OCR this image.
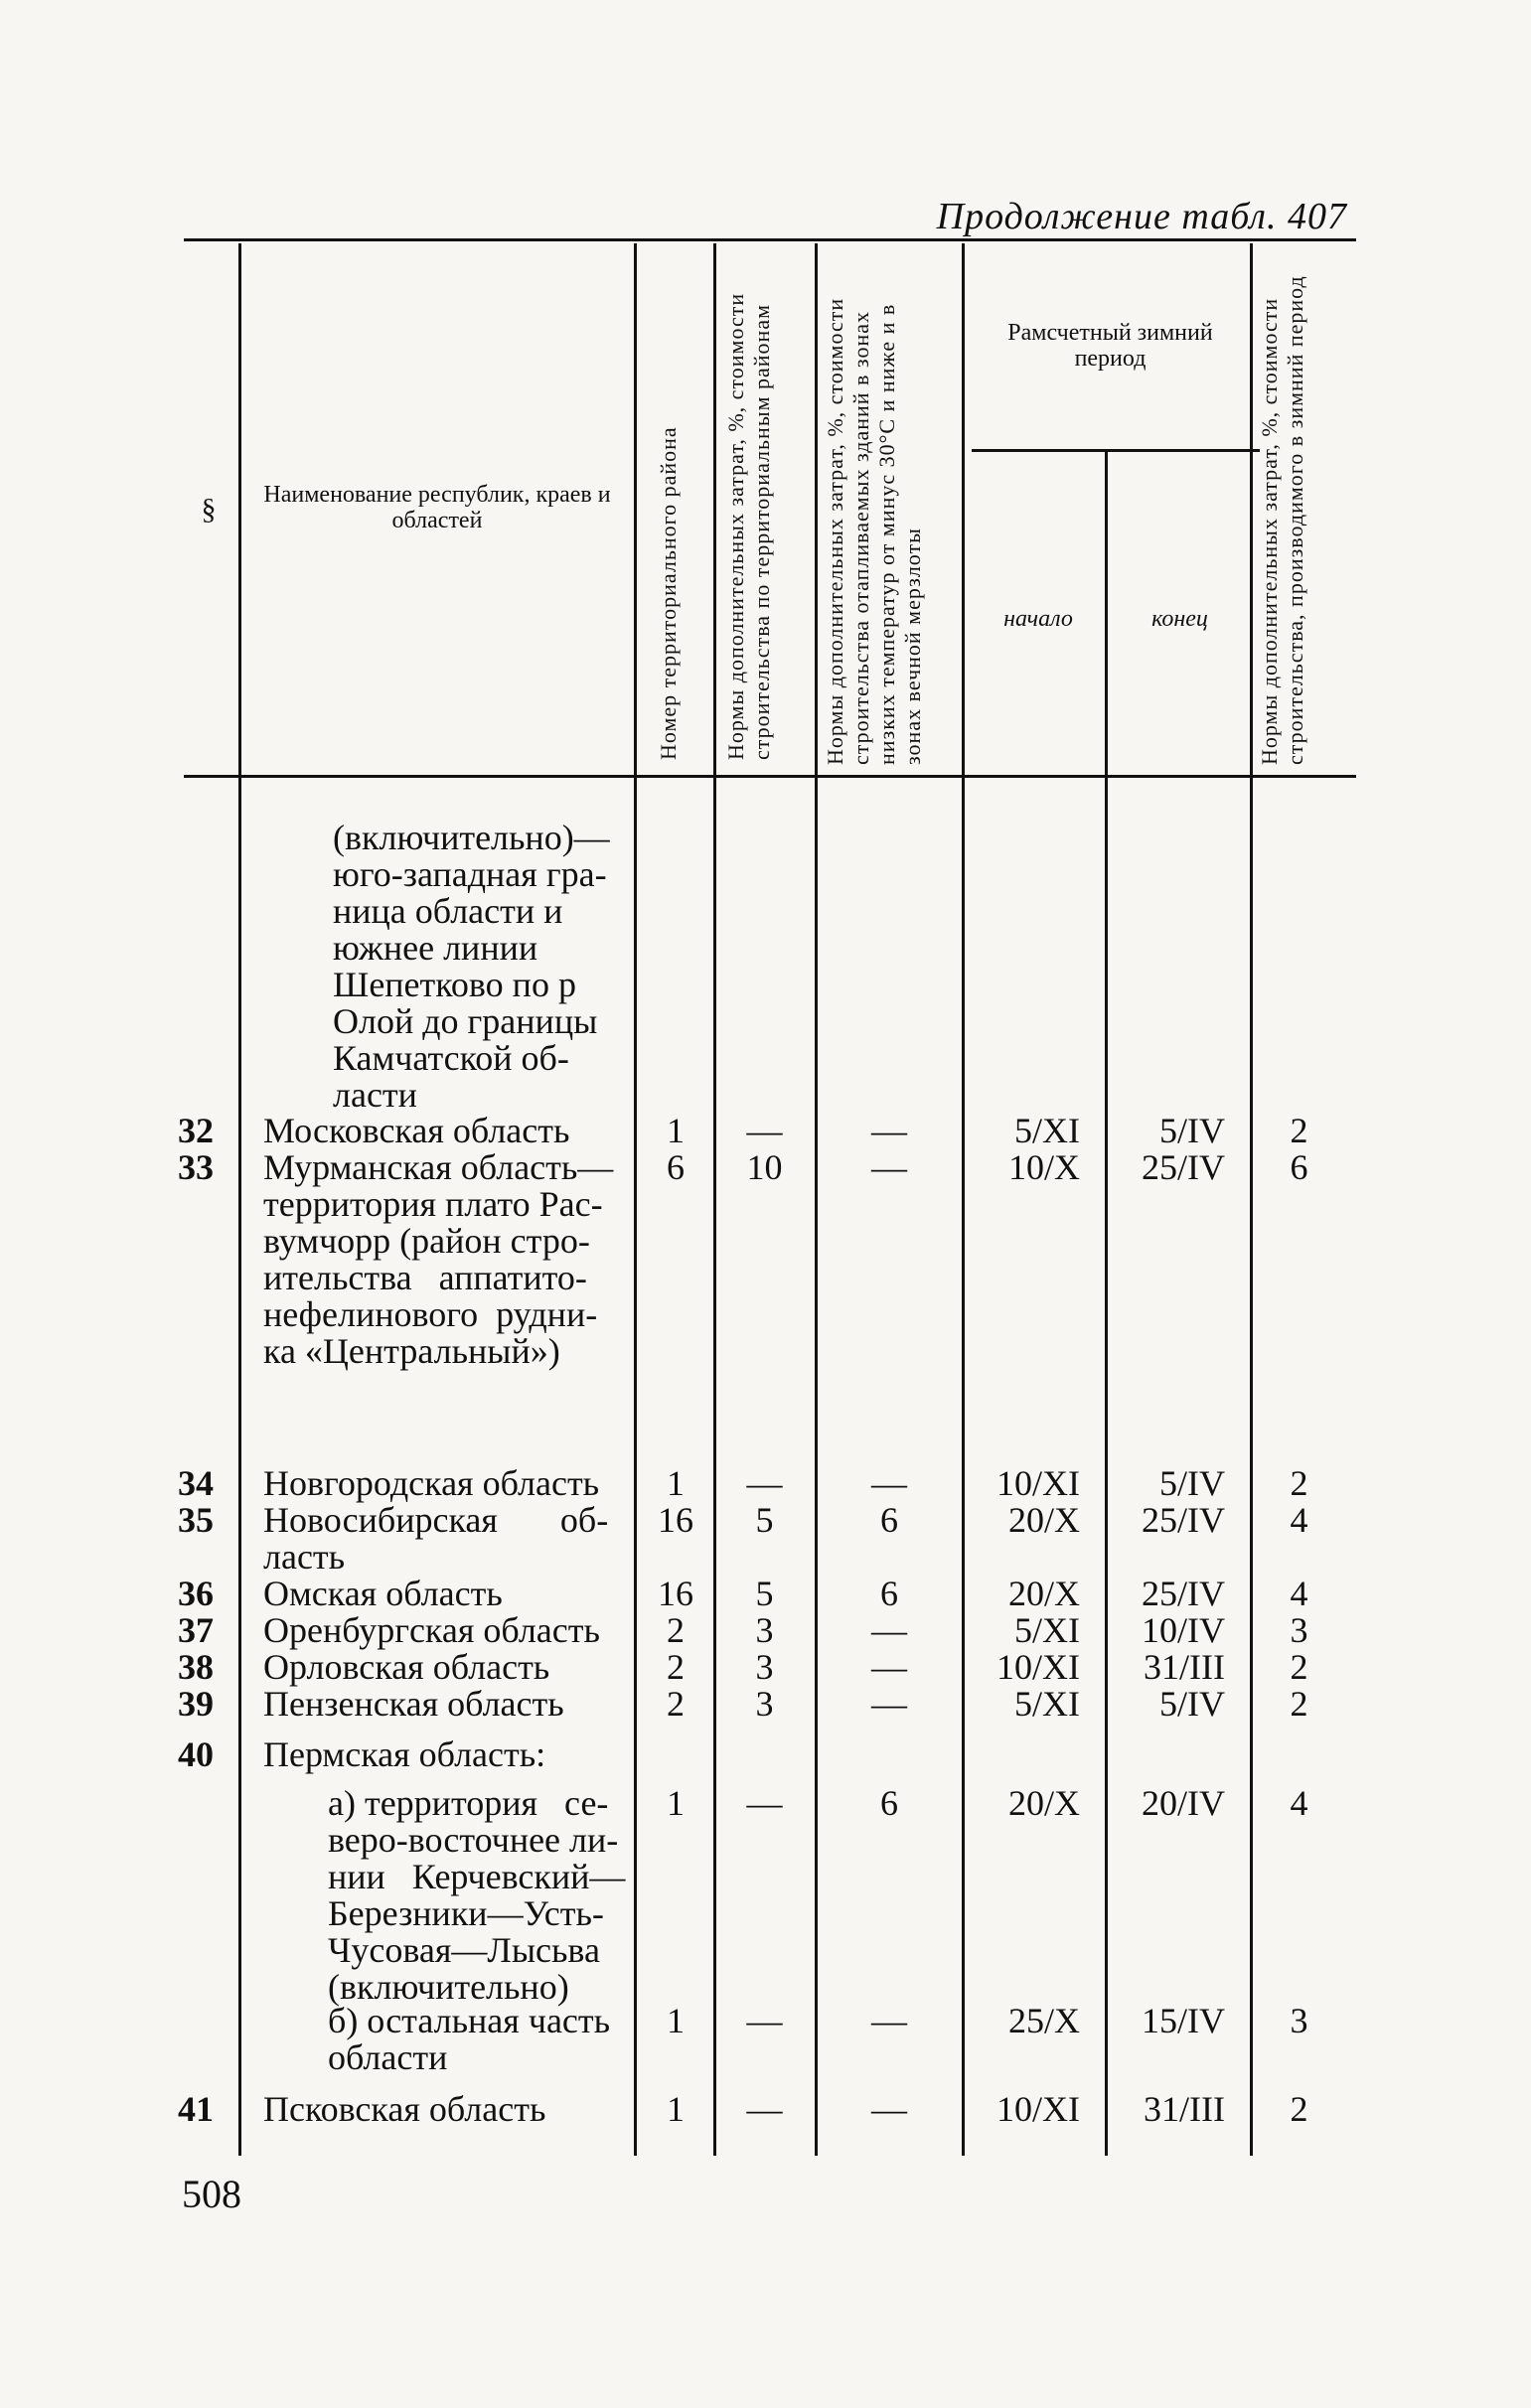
Продолжение табл. 407
§	Наименование республик, краев и областей	Номер территориального района	Нормы дополнительных затрат, %, стоимости строительства по территориальным районам	Нормы дополнительных затрат, %, стоимости строительства отапливаемых зданий в зонах низких температур от минус 30°С и ниже и в зонах вечной мерзлоты
Рамсчетный зимний период
начало	конец	Нормы дополнительных затрат, %, стоимости строительства, производимого в зимний период
(включительно)—
юго-западная гра-
ница области и
южнее линии
Шепетково по р
Олой до границы
Камчатской об-
ласти
32 Московская область	1	—	—	5/XI	5/IV	2
33 Мурманская область—
территория плато Рас-
вумчорр (район стро-
ительства   аппатито-
нефелинового  рудни-
ка «Центральный»)
6	10	—	10/X	25/IV	6
34 Новгородская область	1	—	—	10/XI	5/IV	2
35 Новосибирская       об-
ласть
16	5	6	20/X	25/IV	4
36 Омская область	16	5	6	20/X	25/IV	4
37 Оренбургская область	2	3	—	5/XI	10/IV	3
38 Орловская область	2	3	—	10/XI	31/III	2
39 Пензенская область	2	3	—	5/XI	5/IV	2
40 Пермская область:
а) территория   се-
веро-восточнее ли-
нии   Керчевский—
Березники—Усть-
Чусовая—Лысьва
(включительно)
1	—	6	20/X	20/IV	4
б) остальная часть
области
1	—	—	25/X	15/IV	3
41 Псковская область	1	—	—	10/XI	31/III	2
508
